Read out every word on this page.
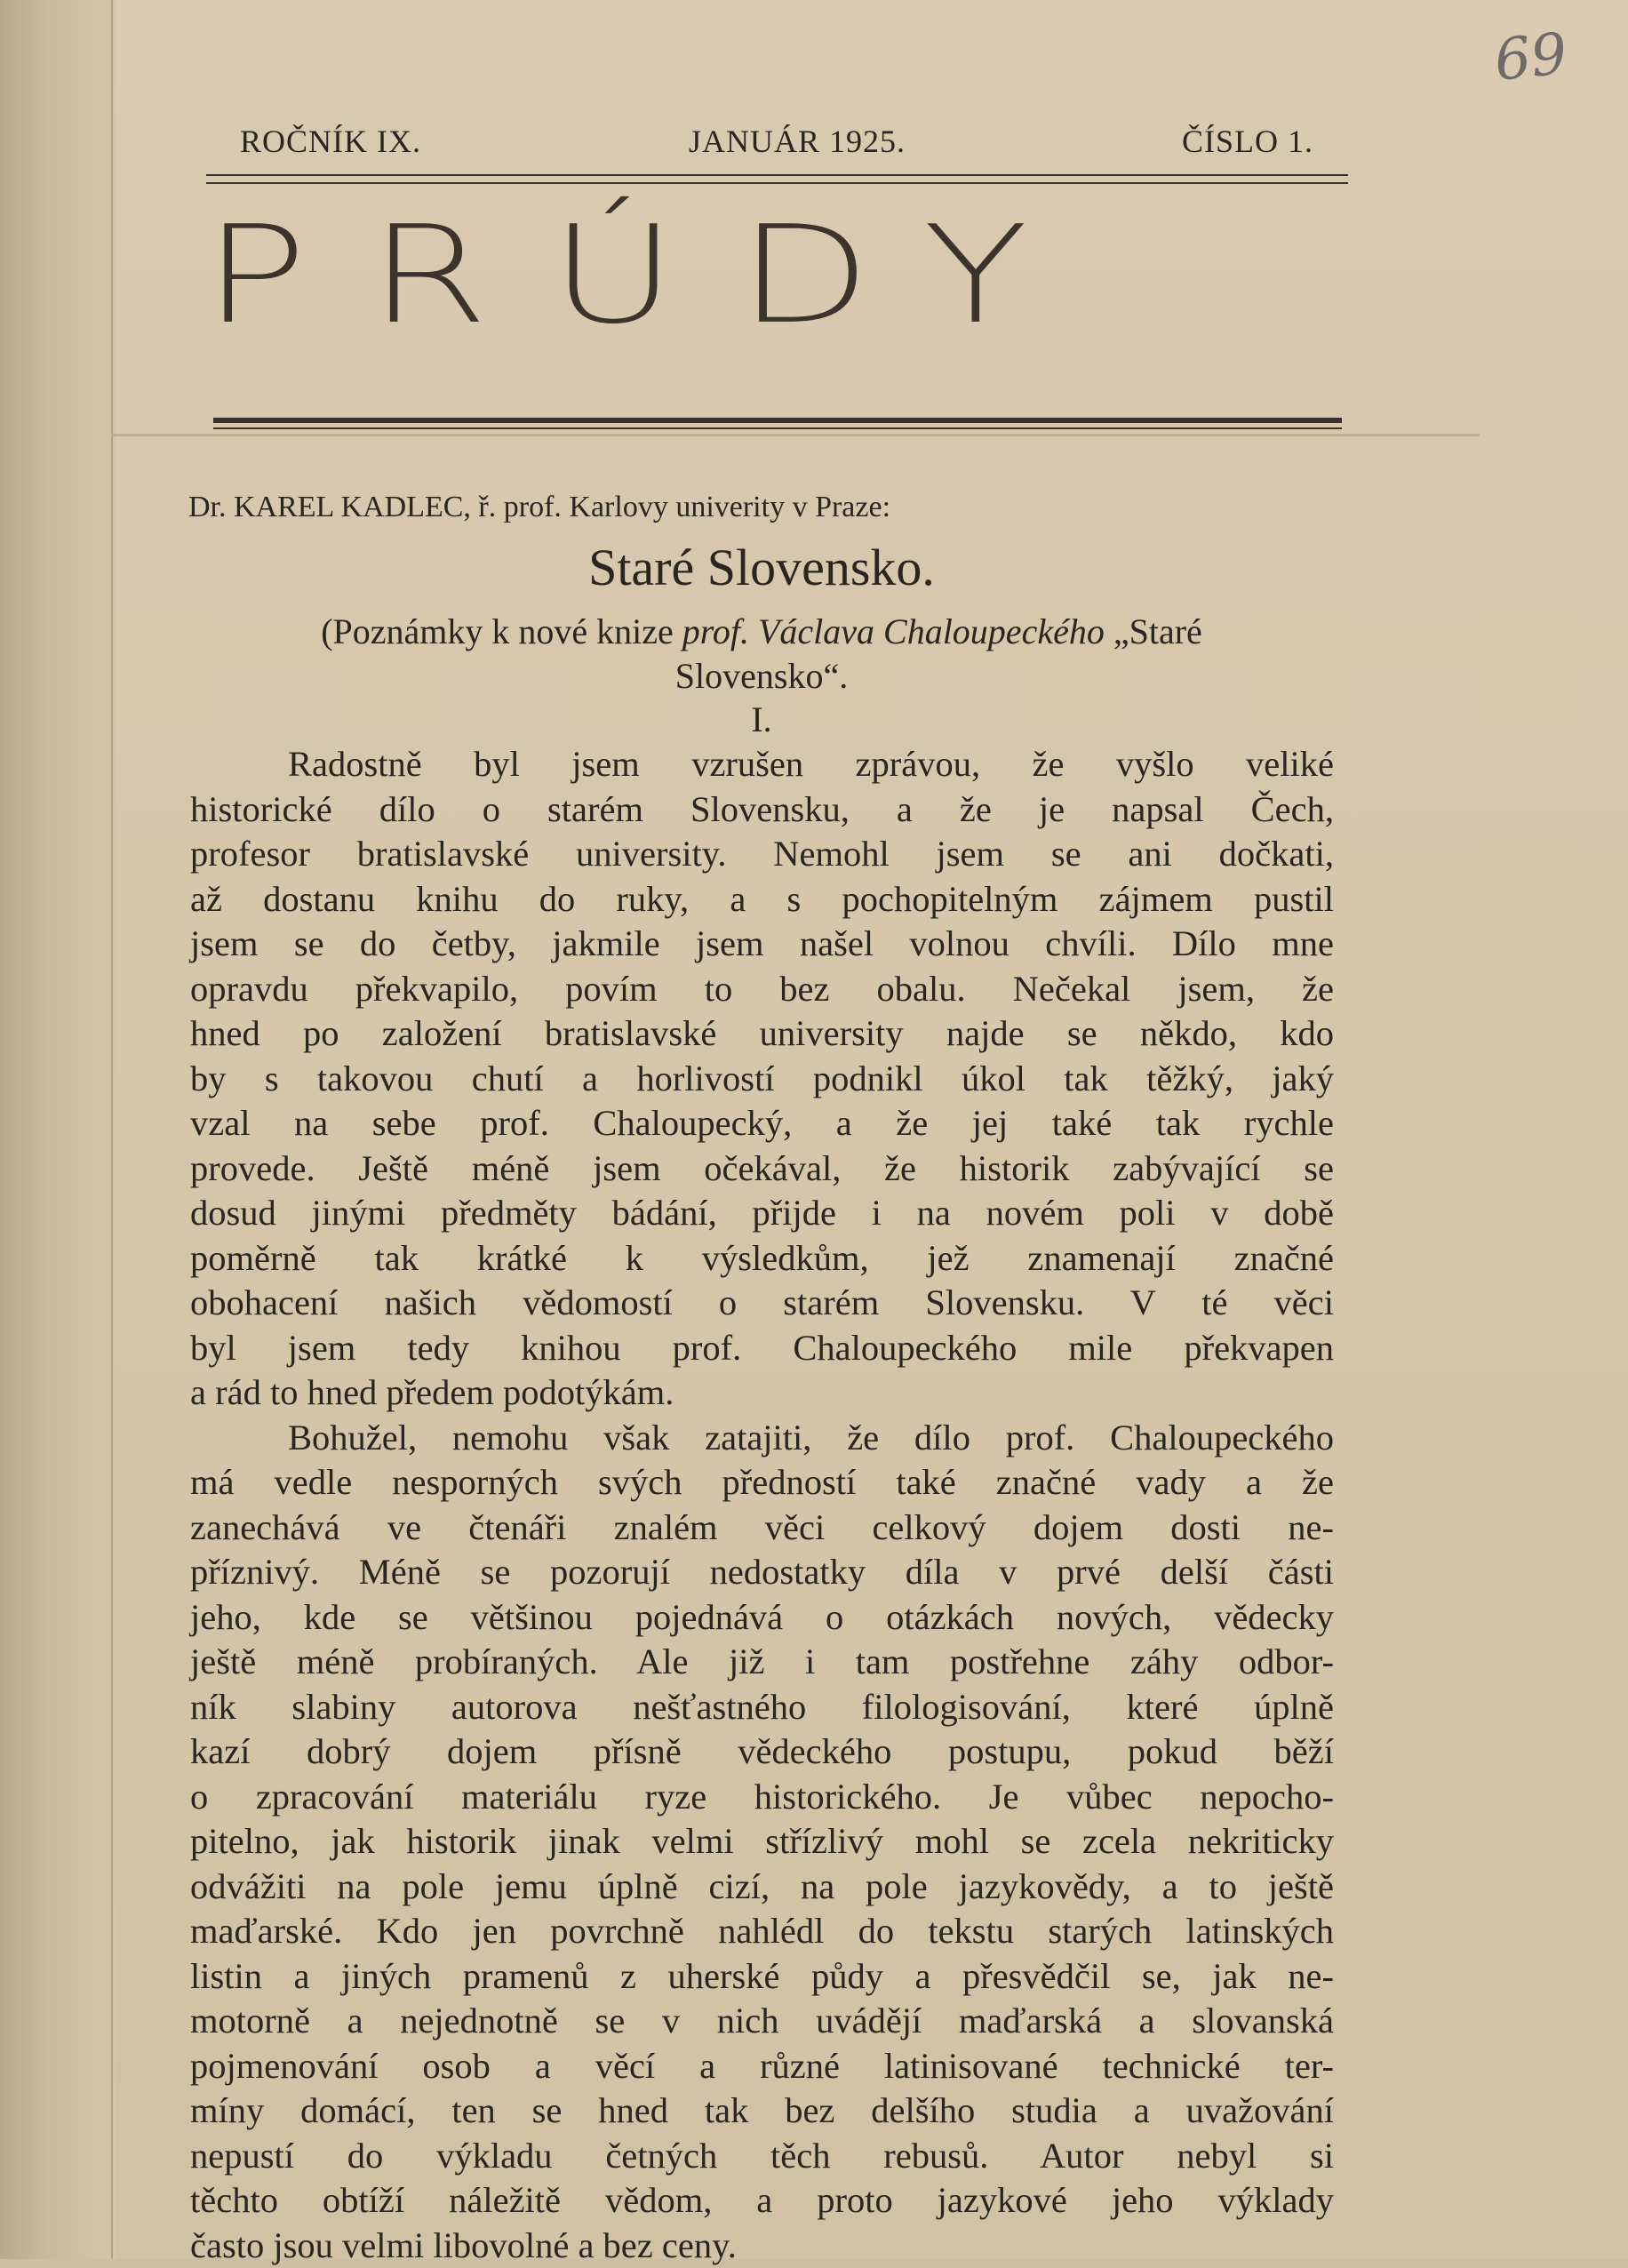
69
ROČNÍK IX.	JANUÁR 1925.	ČÍSLO 1.
PRÚDY
Dr. KAREL KADLEC, ř. prof. Karlovy univerity v Praze:
Staré Slovensko.
(Poznámky k nové knize prof. Václava Chaloupeckého „Staré
Slovensko“.
I.
Radostně byl jsem vzrušen zprávou, že vyšlo veliké
historické dílo o starém Slovensku, a že je napsal Čech,
profesor bratislavské university. Nemohl jsem se ani dočkati,
až dostanu knihu do ruky, a s pochopitelným zájmem pustil
jsem se do četby, jakmile jsem našel volnou chvíli. Dílo mne
opravdu překvapilo, povím to bez obalu. Nečekal jsem, že
hned po založení bratislavské university najde se někdo, kdo
by s takovou chutí a horlivostí podnikl úkol tak těžký, jaký
vzal na sebe prof. Chaloupecký, a že jej také tak rychle
provede. Ještě méně jsem očekával, že historik zabývající se
dosud jinými předměty bádání, přijde i na novém poli v době
poměrně tak krátké k výsledkům, jež znamenají značné
obohacení našich vědomostí o starém Slovensku. V té věci
byl jsem tedy knihou prof. Chaloupeckého mile překvapen
a rád to hned předem podotýkám.
Bohužel, nemohu však zatajiti, že dílo prof. Chaloupeckého
má vedle nesporných svých předností také značné vady a že
zanechává ve čtenáři znalém věci celkový dojem dosti ne-
příznivý. Méně se pozorují nedostatky díla v prvé delší části
jeho, kde se většinou pojednává o otázkách nových, vědecky
ještě méně probíraných. Ale již i tam postřehne záhy odbor-
ník slabiny autorova nešťastného filologisování, které úplně
kazí dobrý dojem přísně vědeckého postupu, pokud běží
o zpracování materiálu ryze historického. Je vůbec nepocho-
pitelno, jak historik jinak velmi střízlivý mohl se zcela nekriticky
odvážiti na pole jemu úplně cizí, na pole jazykovědy, a to ještě
maďarské. Kdo jen povrchně nahlédl do tekstu starých latinských
listin a jiných pramenů z uherské půdy a přesvědčil se, jak ne-
motorně a nejednotně se v nich uvádějí maďarská a slovanská
pojmenování osob a věcí a různé latinisované technické ter-
míny domácí, ten se hned tak bez delšího studia a uvažování
nepustí do výkladu četných těch rebusů. Autor nebyl si
těchto obtíží náležitě vědom, a proto jazykové jeho výklady
často jsou velmi libovolné a bez ceny.
